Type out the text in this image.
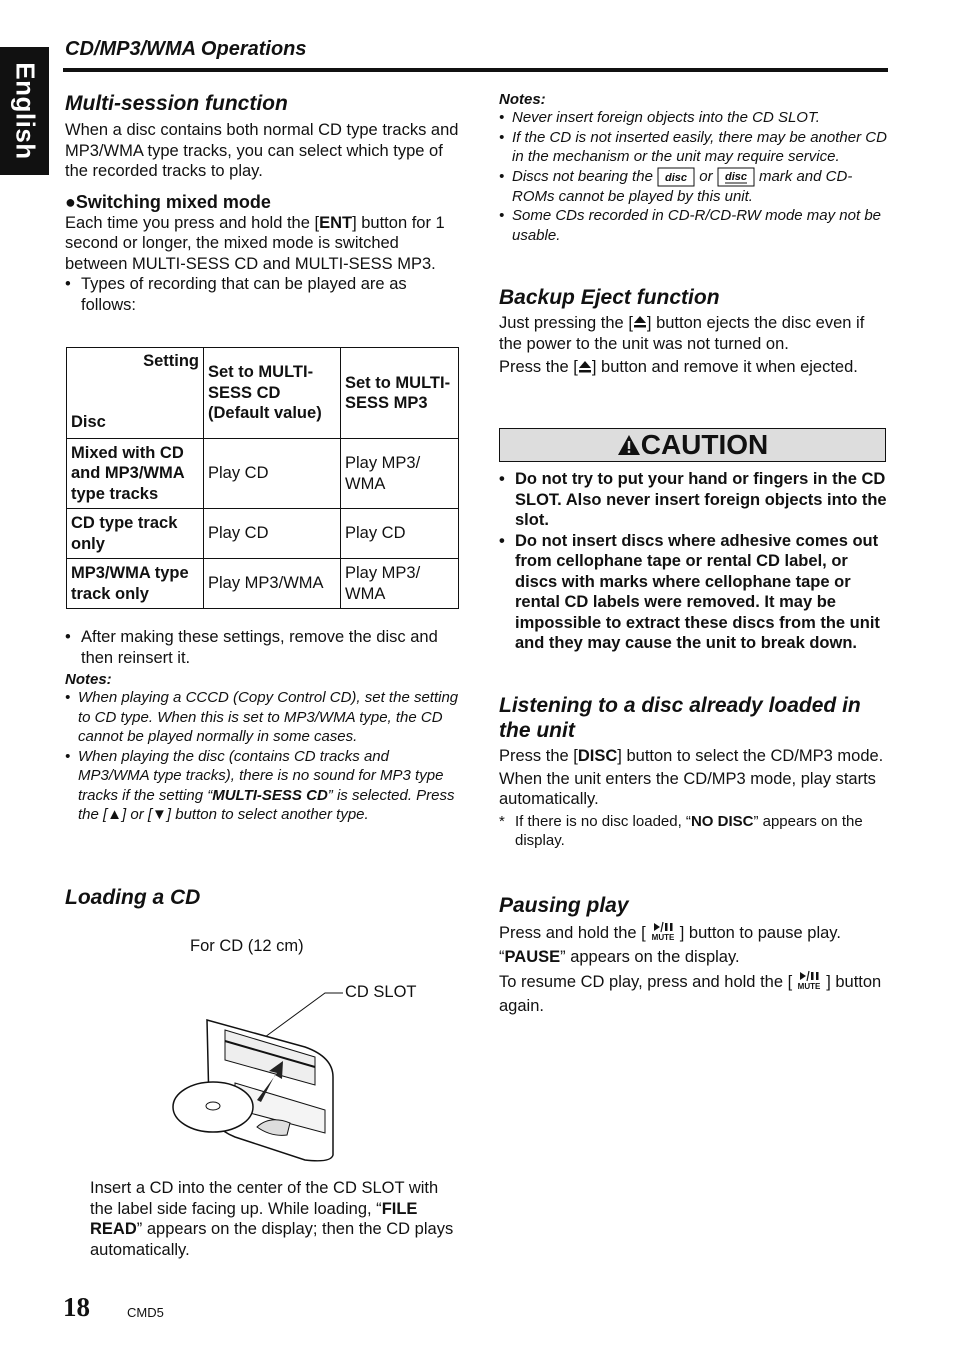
English
CD/MP3/WMA Operations
Multi-session function
When a disc contains both normal CD type tracks and MP3/WMA type tracks, you can select which type of the recorded tracks to play.
●Switching mixed mode
Each time you press and hold the [ENT] button for 1 second or longer, the mixed mode is switched between MULTI-SESS CD and MULTI-SESS MP3.
• Types of recording that can be played are as follows:
Setting
Disc	Set to MULTI-SESS CD (Default value)	Set to MULTI-SESS MP3
Mixed with CD and MP3/WMA type tracks	Play CD	Play MP3/ WMA
CD type track only	Play CD	Play CD
MP3/WMA type track only	Play MP3/WMA	Play MP3/ WMA
• After making these settings, remove the disc and then reinsert it.
Notes:
• When playing a CCCD (Copy Control CD), set the setting to CD type. When this is set to MP3/WMA type, the CD cannot be played normally in some cases.
• When playing the disc (contains CD tracks and MP3/WMA type tracks), there is no sound for MP3 type tracks if the setting “MULTI-SESS CD” is selected. Press the [▲] or [▼] button to select another type.
Loading a CD
For CD (12 cm)
CD SLOT
Insert a CD into the center of the CD SLOT with the label side facing up. While loading, “FILE READ” appears on the display; then the CD plays automatically.
18	CMD5
Notes:
• Never insert foreign objects into the CD SLOT.
• If the CD is not inserted easily, there may be another CD in the mechanism or the unit may require service.
• Discs not bearing the disc or disc mark and CD-ROMs cannot be played by this unit.
• Some CDs recorded in CD-R/CD-RW mode may not be usable.
Backup Eject function
Just pressing the [ ] button ejects the disc even if the power to the unit was not turned on.
Press the [ ] button and remove it when ejected.
CAUTION
• Do not try to put your hand or fingers in the CD SLOT. Also never insert foreign objects into the slot.
• Do not insert discs where adhesive comes out from cellophane tape or rental CD label, or discs with marks where cellophane tape or rental CD labels were removed. It may be impossible to extract these discs from the unit and they may cause the unit to break down.
Listening to a disc already loaded in the unit
Press the [DISC] button to select the CD/MP3 mode.
When the unit enters the CD/MP3 mode, play starts automatically.
* If there is no disc loaded, “NO DISC” appears on the display.
Pausing play
Press and hold the [ MUTE ] button to pause play. “PAUSE” appears on the display.
To resume CD play, press and hold the [ MUTE ] button again.
